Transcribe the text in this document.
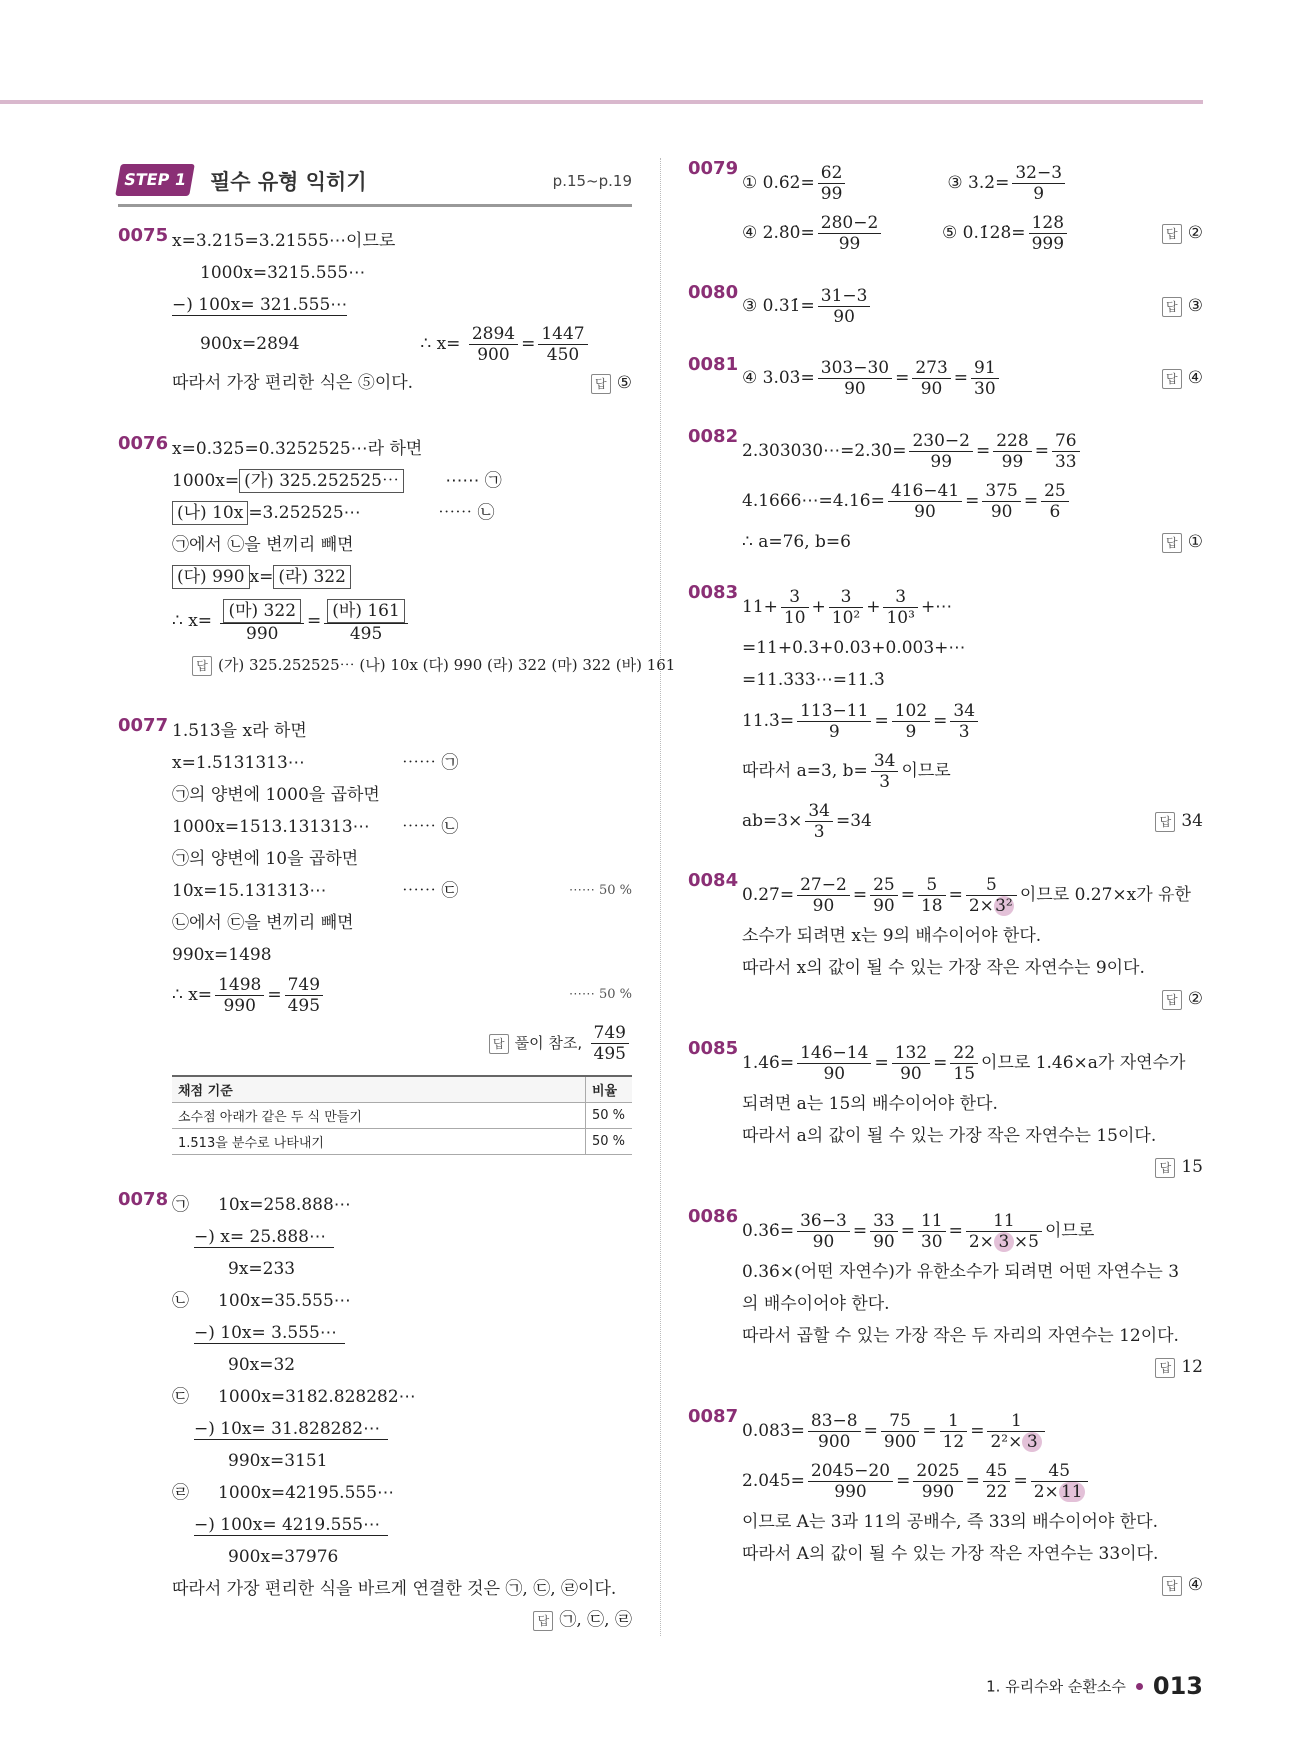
STEP 1	필수 유형 익히기	p.15~p.19
0075 x=3.215̇=3.21555⋯이므로
1000x=3215.555⋯
−) 100x= 321.555⋯
900x=2894	∴ $x= \frac{2894}{900} = \frac{1447}{450}$
따라서 가장 편리한 식은 ⑤이다.	답 ⑤
0076 x=0.3̇25̇=0.3252525⋯라 하면
1000x= (가) 325.252525⋯	⋯⋯ ㉠
(나) 10x =3.252525⋯	⋯⋯ ㉡
㉠에서 ㉡을 변끼리 빼면
(다) 990 x= (라) 322
∴ $x= \frac{\text{(마) 322}}{990} = \frac{\text{(바) 161}}{495}$
답 (가) 325.252525⋯ (나) 10x (다) 990 (라) 322 (마) 322 (바) 161
0077 1.5̇13̇을 x라 하면
x=1.5131313⋯	⋯⋯ ㉠
㉠의 양변에 1000을 곱하면
1000x=1513.131313⋯ ⋯⋯ ㉡
㉠의 양변에 10을 곱하면
10x=15.131313⋯	⋯⋯ ㉢	⋯⋯ 50 %
㉡에서 ㉢을 변끼리 빼면
990x=1498
∴ $x= \frac{1498}{990} = \frac{749}{495}$	⋯⋯ 50 %
답 풀이 참조, $\frac{749}{495}$
채점 기준	비율
소수점 아래가 같은 두 식 만들기	50 %
1.5̇13̇을 분수로 나타내기	50 %
0078 ㉠ 10x=258.888⋯
−) x= 25.888⋯
9x=233
㉡ 100x=35.555⋯
−) 10x= 3.555⋯
90x=32
㉢ 1000x=3182.828282⋯
−) 10x= 31.828282⋯
990x=3151
㉣ 1000x=42195.555⋯
−) 100x= 4219.555⋯
900x=37976
따라서 가장 편리한 식을 바르게 연결한 것은 ㉠, ㉢, ㉣이다.
답 ㉠, ㉢, ㉣
0079
① 0.6̇2̇= $\frac{62}{99}$	③ 3.2̇= $\frac{32-3}{9}$
④ 2.8̇0̇= $\frac{280-2}{99}$	⑤ 0.1̇28̇= $\frac{128}{999}$	답 ②
0080
③ 0.31̇= $\frac{31-3}{90}$	답 ③
0081
④ 3.03̇= $\frac{303-30}{90} = \frac{273}{90} = \frac{91}{30}$	답 ④
0082
2.303030⋯=2.3̇0̇= $\frac{230-2}{99} = \frac{228}{99} = \frac{76}{33}$
4.1666⋯=4.16̇= $\frac{416-41}{90} = \frac{375}{90} = \frac{25}{6}$
∴ a=76, b=6	답 ①
0083
$11+ \frac{3}{10} + \frac{3}{\text{10²}} + \frac{3}{\text{10³}}$ +⋯
=11+0.3+0.03+0.003+⋯
=11.333⋯=11.3̇
11.3̇= $\frac{113-11}{9} = \frac{102}{9} = \frac{34}{3}$
따라서 a=3, $b= \frac{34}{3}$ 이므로
$ab=3\times \frac{34}{3} =34$	답 34
0084
0.27̇= $\frac{27-2}{90} = \frac{25}{90} = \frac{5}{18} = \frac{5}{\text{2×3²}}$ 이므로 0.27̇×x가 유한
소수가 되려면 x는 9의 배수이어야 한다.
따라서 x의 값이 될 수 있는 가장 작은 자연수는 9이다.
답 ②
0085
1.46̇= $\frac{146-14}{90} = \frac{132}{90} = \frac{22}{15}$ 이므로 1.46̇×a가 자연수가
되려면 a는 15의 배수이어야 한다.
따라서 a의 값이 될 수 있는 가장 작은 자연수는 15이다.
답 15
0086
0.36̇= $\frac{36-3}{90} = \frac{33}{90} = \frac{11}{30} = \frac{11}{2\times 3 \times 5}$ 이므로
0.36̇×(어떤 자연수)가 유한소수가 되려면 어떤 자연수는 3
의 배수이어야 한다.
따라서 곱할 수 있는 가장 작은 두 자리의 자연수는 12이다.
답 12
0087
0.083̇= $\frac{83-8}{900} = \frac{75}{900} = \frac{1}{12} = \frac{1}{\text{2²× 3}}$
2.04̇5̇= $\frac{2045-20}{990} = \frac{2025}{990} = \frac{45}{22} = \frac{45}{2\times 11}$
이므로 A는 3과 11의 공배수, 즉 33의 배수이어야 한다.
따라서 A의 값이 될 수 있는 가장 작은 자연수는 33이다.
답 ④
1. 유리수와 순환소수 013
